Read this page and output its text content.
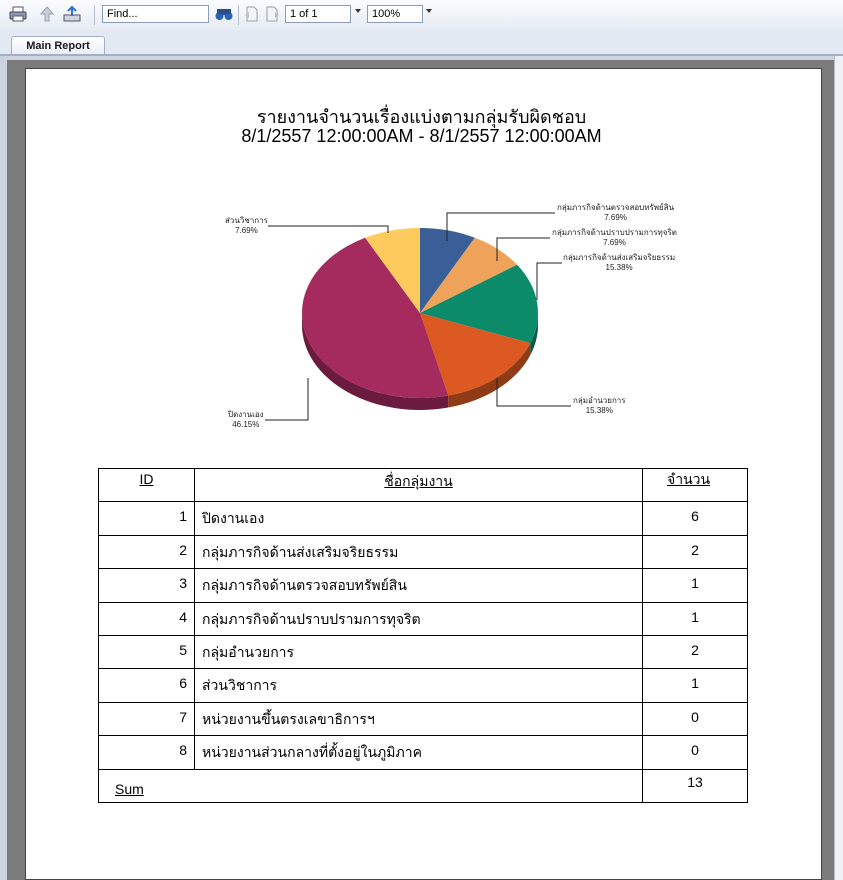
Find...	1 of 1	100%
Main Report
รายงานจำนวนเรื่องแบ่งตามกลุ่มรับผิดชอบ
8/1/2557 12:00:00AM - 8/1/2557 12:00:00AM
กลุ่มภารกิจด้านตรวจสอบทรัพย์สิน
7.69%
กลุ่มภารกิจด้านปราบปรามการทุจริต
7.69%
กลุ่มภารกิจด้านส่งเสริมจริยธรรม
15.38%
กลุ่มอำนวยการ
15.38%
ปิดงานเอง
46.15%
ส่วนวิชาการ
7.69%
ID	ชื่อกลุ่มงาน	จำนวน
1	ปิดงานเอง	6
2	กลุ่มภารกิจด้านส่งเสริมจริยธรรม	2
3	กลุ่มภารกิจด้านตรวจสอบทรัพย์สิน	1
4	กลุ่มภารกิจด้านปราบปรามการทุจริต	1
5	กลุ่มอำนวยการ	2
6	ส่วนวิชาการ	1
7	หน่วยงานขึ้นตรงเลขาธิการฯ	0
8	หน่วยงานส่วนกลางที่ตั้งอยู่ในภูมิภาค	0
Sum	13
